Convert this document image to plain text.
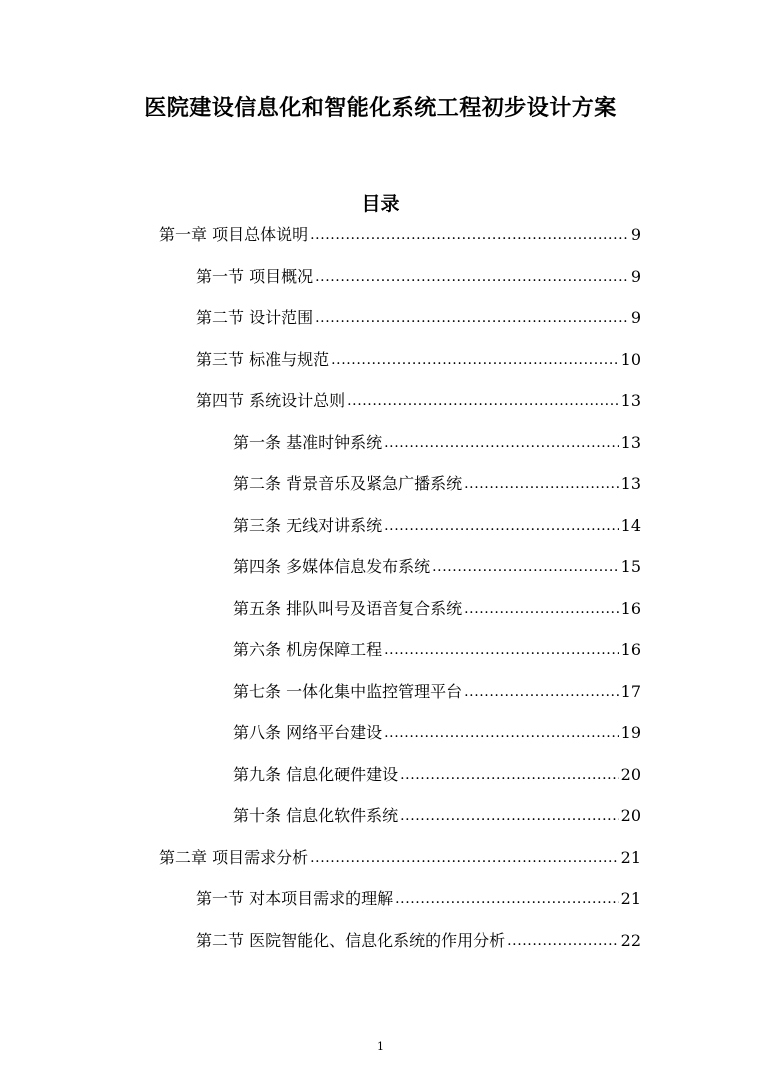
医院建设信息化和智能化系统工程初步设计方案
目录
第一章 项目总体说明 .....	9
第一节 项目概况 .....	9
第二节 设计范围 .....	9
第三节 标准与规范 .....	10
第四节 系统设计总则 .....	13
第一条 基准时钟系统 .....	13
第二条 背景音乐及紧急广播系统 .....	13
第三条 无线对讲系统 .....	14
第四条 多媒体信息发布系统 .....	15
第五条 排队叫号及语音复合系统 .....	16
第六条 机房保障工程 .....	16
第七条 一体化集中监控管理平台 .....	17
第八条 网络平台建设 .....	19
第九条 信息化硬件建设 .....	20
第十条 信息化软件系统 .....	20
第二章 项目需求分析 .....	21
第一节 对本项目需求的理解 .....	21
第二节 医院智能化、信息化系统的作用分析 .....	22
1
